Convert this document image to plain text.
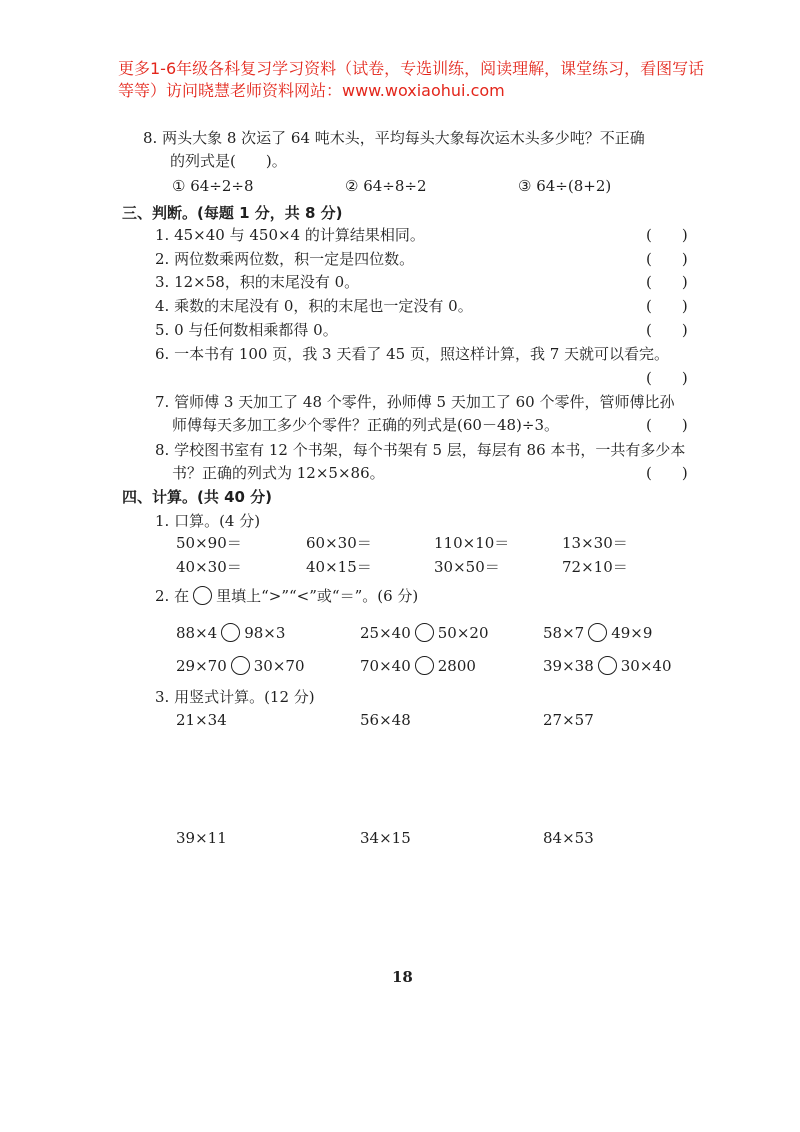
更多1-6年级各科复习学习资料（试卷，专选训练，阅读理解，课堂练习，看图写话等等）访问晓慧老师资料网站：www.woxiaohui.com
8. 两头大象 8 次运了 64 吨木头，平均每头大象每次运木头多少吨？不正确
的列式是(　　)。
① 64÷2÷8	② 64÷8÷2	③ 64÷(8+2)
三、判断。(每题 1 分，共 8 分)
1. 45×40 与 450×4 的计算结果相同。	(　　)
2. 两位数乘两位数，积一定是四位数。	(　　)
3. 12×58，积的末尾没有 0。	(　　)
4. 乘数的末尾没有 0，积的末尾也一定没有 0。	(　　)
5. 0 与任何数相乘都得 0。	(　　)
6. 一本书有 100 页，我 3 天看了 45 页，照这样计算，我 7 天就可以看完。
(　　)
7. 管师傅 3 天加工了 48 个零件，孙师傅 5 天加工了 60 个零件，管师傅比孙
师傅每天多加工多少个零件？正确的列式是(60－48)÷3。	(　　)
8. 学校图书室有 12 个书架，每个书架有 5 层，每层有 86 本书，一共有多少本
书？正确的列式为 12×5×86。	(　　)
四、计算。(共 40 分)
1. 口算。(4 分)
50×90＝	60×30＝	110×10＝	13×30＝
40×30＝	40×15＝	30×50＝	72×10＝
2. 在 里填上“>”“<”或“＝”。(6 分)
88×4 98×3	25×40 50×20	58×7 49×9
29×70 30×70	70×40 2800	39×38 30×40
3. 用竖式计算。(12 分)
21×34	56×48	27×57
39×11	34×15	84×53
18
